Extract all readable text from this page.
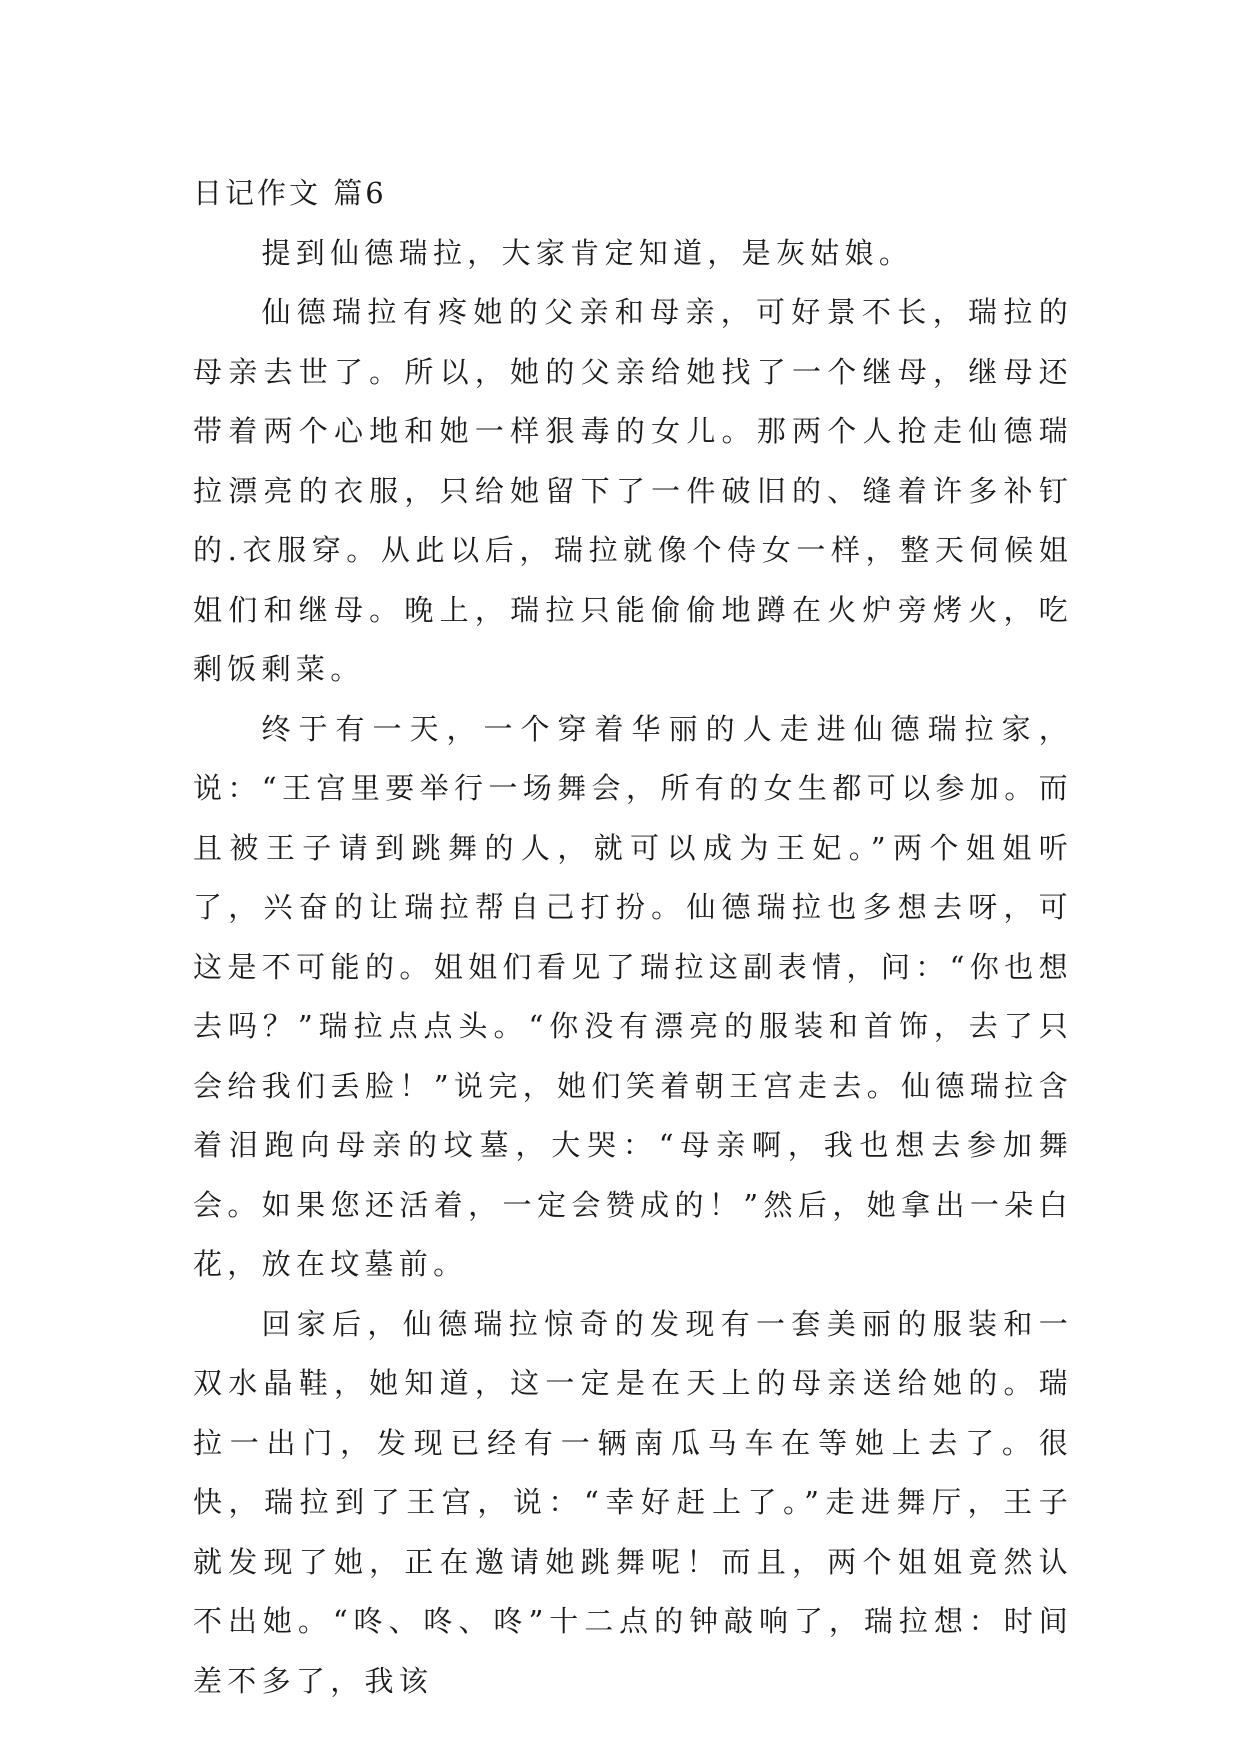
日记作文 篇6

提到仙德瑞拉，大家肯定知道，是灰姑娘。

仙德瑞拉有疼她的父亲和母亲，可好景不长，瑞拉的母亲去世了。所以，她的父亲给她找了一个继母，继母还带着两个心地和她一样狠毒的女儿。那两个人抢走仙德瑞拉漂亮的衣服，只给她留下了一件破旧的、缝着许多补钉的.衣服穿。从此以后，瑞拉就像个侍女一样，整天伺候姐姐们和继母。晚上，瑞拉只能偷偷地蹲在火炉旁烤火，吃剩饭剩菜。

终于有一天，一个穿着华丽的人走进仙德瑞拉家，说：“王宫里要举行一场舞会，所有的女生都可以参加。而且被王子请到跳舞的人，就可以成为王妃。”两个姐姐听了，兴奋的让瑞拉帮自己打扮。仙德瑞拉也多想去呀，可这是不可能的。姐姐们看见了瑞拉这副表情，问：“你也想去吗？”瑞拉点点头。“你没有漂亮的服装和首饰，去了只会给我们丢脸！”说完，她们笑着朝王宫走去。仙德瑞拉含着泪跑向母亲的坟墓，大哭：“母亲啊，我也想去参加舞会。如果您还活着，一定会赞成的！”然后，她拿出一朵白花，放在坟墓前。

回家后，仙德瑞拉惊奇的发现有一套美丽的服装和一双水晶鞋，她知道，这一定是在天上的母亲送给她的。瑞拉一出门，发现已经有一辆南瓜马车在等她上去了。很快，瑞拉到了王宫，说：“幸好赶上了。”走进舞厅，王子就发现了她，正在邀请她跳舞呢！而且，两个姐姐竟然认不出她。“咚、咚、咚”十二点的钟敲响了，瑞拉想：时间差不多了，我该
